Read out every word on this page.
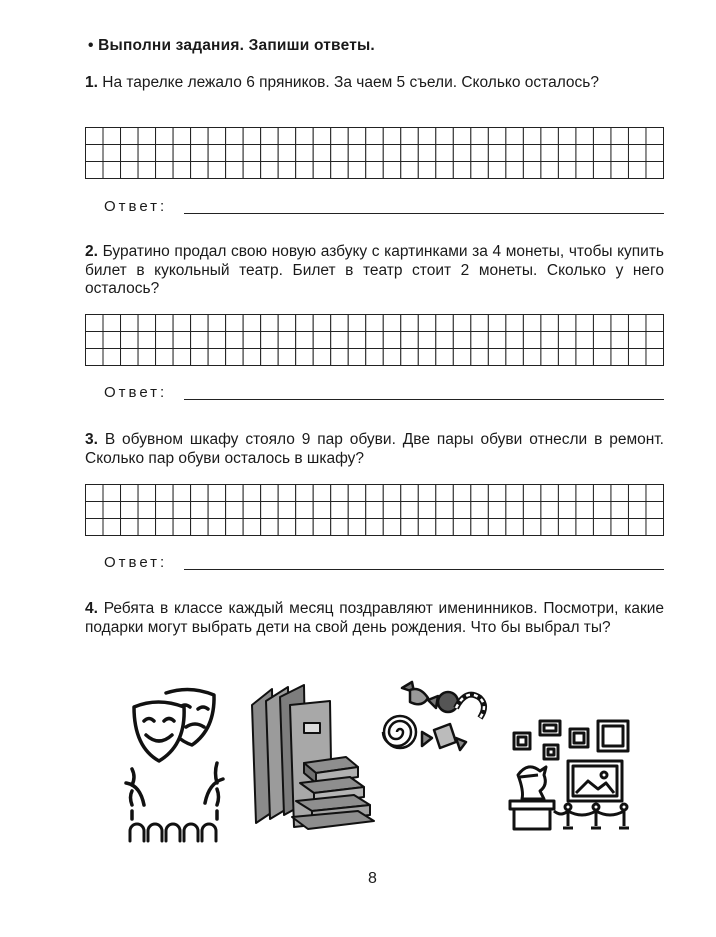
• Выполни задания. Запиши ответы.
1. На тарелке лежало 6 пряников. За чаем 5 съели. Сколько осталось?
Ответ:
2. Буратино продал свою новую азбуку с картинками за 4 монеты, чтобы купить билет в кукольный театр. Билет в театр стоит 2 монеты. Сколько у него осталось?
Ответ:
3. В обувном шкафу стояло 9 пар обуви. Две пары обуви отнесли в ремонт. Сколько пар обуви осталось в шкафу?
Ответ:
4. Ребята в классе каждый месяц поздравляют именинников. Посмотри, какие подарки могут выбрать дети на свой день рождения. Что бы выбрал ты?
8
